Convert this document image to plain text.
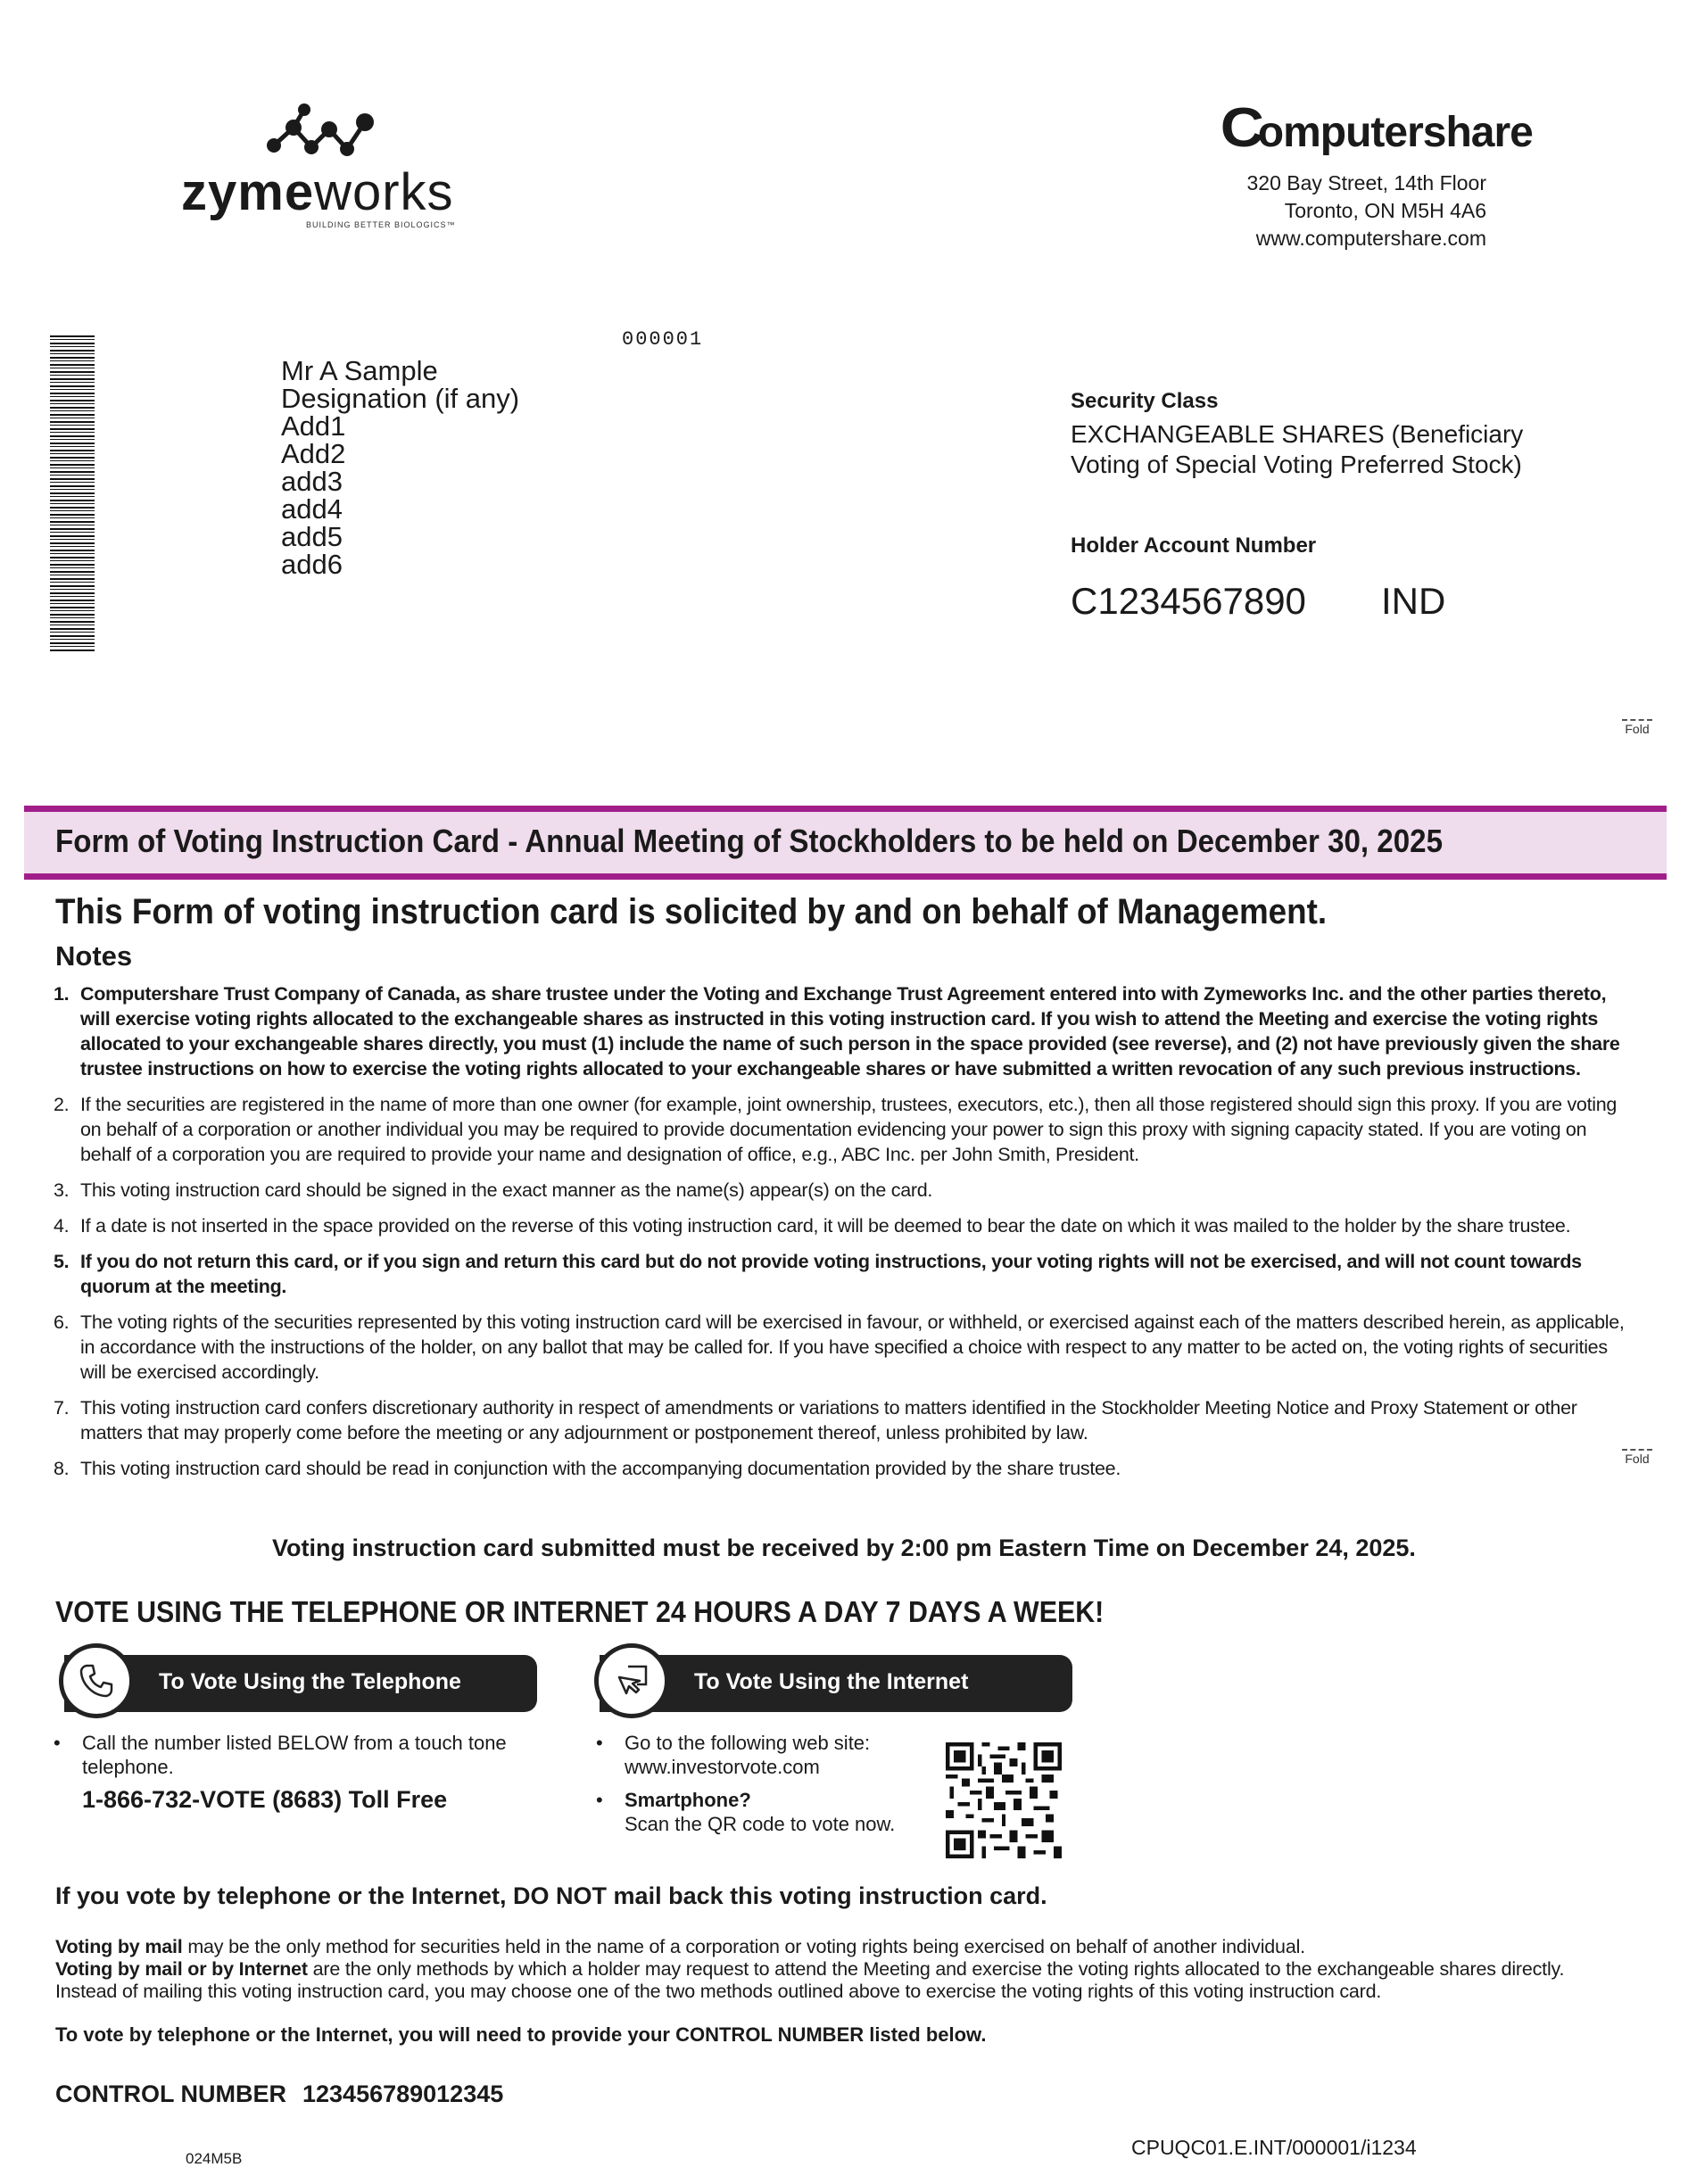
zymeworks
BUILDING BETTER BIOLOGICS™
Computershare
320 Bay Street, 14th Floor
Toronto, ON M5H 4A6
www.computershare.com
000001
Mr A Sample
Designation (if any)
Add1
Add2
add3
add4
add5
add6
Security Class
EXCHANGEABLE SHARES (Beneficiary Voting of Special Voting Preferred Stock)
Holder Account Number
C1234567890 IND
Fold
Fold
Form of Voting Instruction Card - Annual Meeting of Stockholders to be held on December 30, 2025
This Form of voting instruction card is solicited by and on behalf of Management.
Notes
1. Computershare Trust Company of Canada, as share trustee under the Voting and Exchange Trust Agreement entered into with Zymeworks Inc. and the other parties thereto, will exercise voting rights allocated to the exchangeable shares as instructed in this voting instruction card. If you wish to attend the Meeting and exercise the voting rights allocated to your exchangeable shares directly, you must (1) include the name of such person in the space provided (see reverse), and (2) not have previously given the share trustee instructions on how to exercise the voting rights allocated to your exchangeable shares or have submitted a written revocation of any such previous instructions.
2. If the securities are registered in the name of more than one owner (for example, joint ownership, trustees, executors, etc.), then all those registered should sign this proxy. If you are voting on behalf of a corporation or another individual you may be required to provide documentation evidencing your power to sign this proxy with signing capacity stated. If you are voting on behalf of a corporation you are required to provide your name and designation of office, e.g., ABC Inc. per John Smith, President.
3. This voting instruction card should be signed in the exact manner as the name(s) appear(s) on the card.
4. If a date is not inserted in the space provided on the reverse of this voting instruction card, it will be deemed to bear the date on which it was mailed to the holder by the share trustee.
5. If you do not return this card, or if you sign and return this card but do not provide voting instructions, your voting rights will not be exercised, and will not count towards quorum at the meeting.
6. The voting rights of the securities represented by this voting instruction card will be exercised in favour, or withheld, or exercised against each of the matters described herein, as applicable, in accordance with the instructions of the holder, on any ballot that may be called for. If you have specified a choice with respect to any matter to be acted on, the voting rights of securities will be exercised accordingly.
7. This voting instruction card confers discretionary authority in respect of amendments or variations to matters identified in the Stockholder Meeting Notice and Proxy Statement or other matters that may properly come before the meeting or any adjournment or postponement thereof, unless prohibited by law.
8. This voting instruction card should be read in conjunction with the accompanying documentation provided by the share trustee.
Voting instruction card submitted must be received by 2:00 pm Eastern Time on December 24, 2025.
VOTE USING THE TELEPHONE OR INTERNET 24 HOURS A DAY 7 DAYS A WEEK!
To Vote Using the Telephone
• Call the number listed BELOW from a touch tone telephone.
1-866-732-VOTE (8683) Toll Free
To Vote Using the Internet
• Go to the following web site:
www.investorvote.com
• Smartphone?
Scan the QR code to vote now.
If you vote by telephone or the Internet, DO NOT mail back this voting instruction card.
Voting by mail may be the only method for securities held in the name of a corporation or voting rights being exercised on behalf of another individual.
Voting by mail or by Internet are the only methods by which a holder may request to attend the Meeting and exercise the voting rights allocated to the exchangeable shares directly.
Instead of mailing this voting instruction card, you may choose one of the two methods outlined above to exercise the voting rights of this voting instruction card.
To vote by telephone or the Internet, you will need to provide your CONTROL NUMBER listed below.
CONTROL NUMBER 123456789012345
024M5B	CPUQC01.E.INT/000001/i1234
